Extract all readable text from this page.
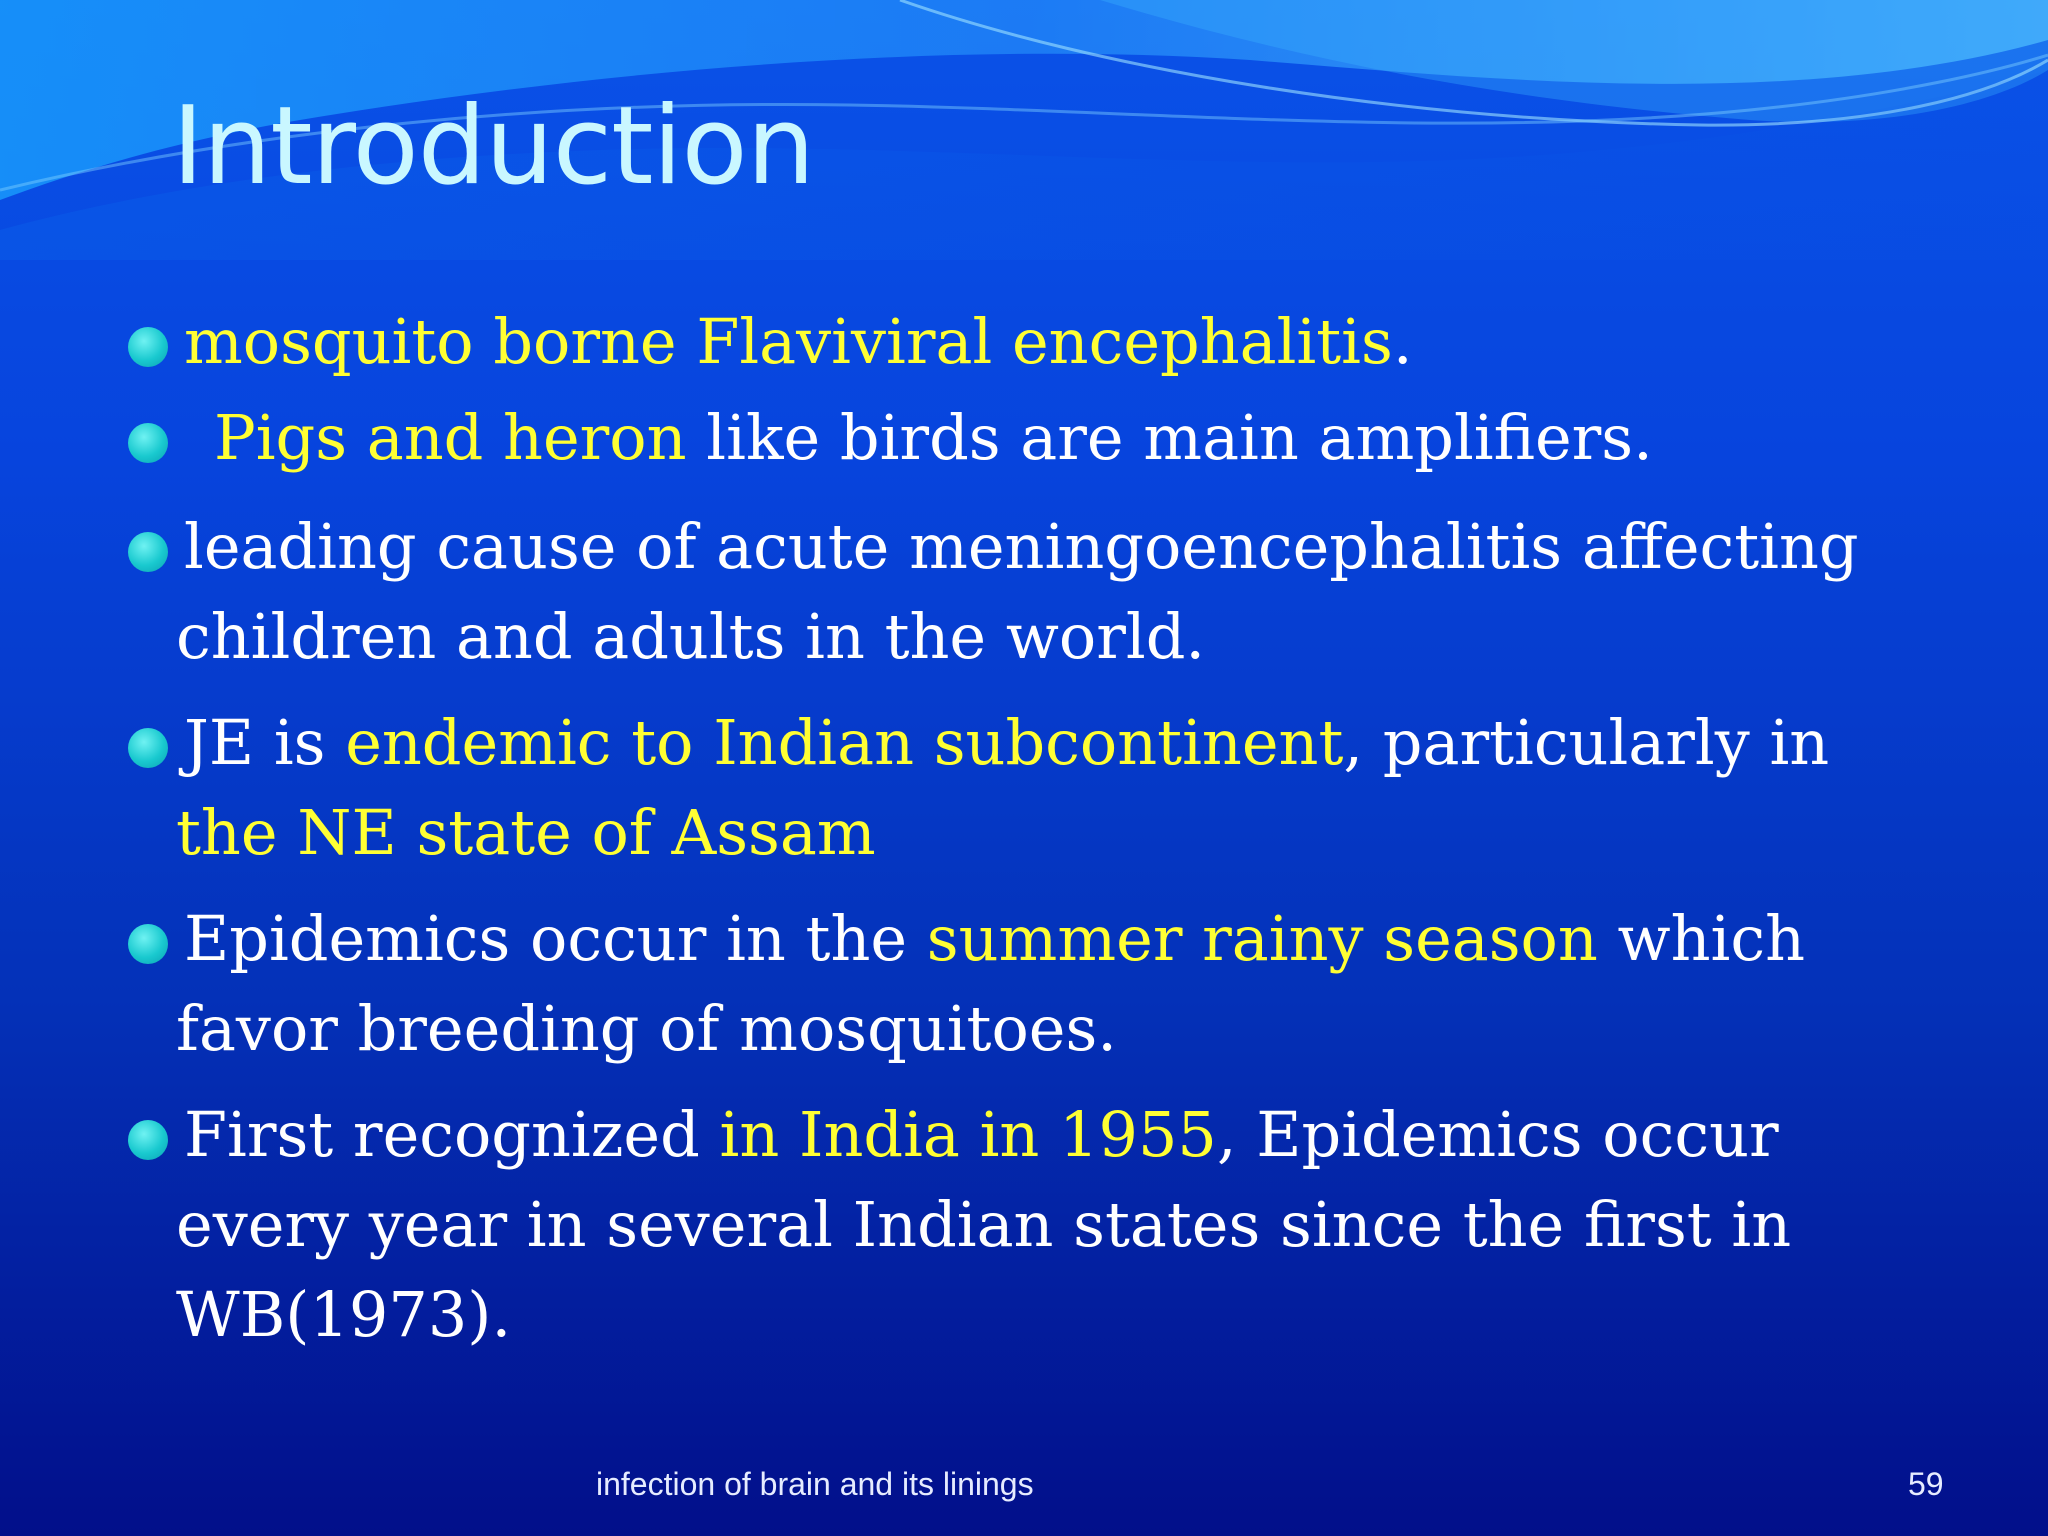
Introduction
mosquito borne Flaviviral encephalitis.
Pigs and heron like birds are main amplifiers.
leading cause of acute meningoencephalitis affecting
children and adults in the world.
JE is endemic to Indian subcontinent, particularly in
the NE state of Assam
Epidemics occur in the summer rainy season which
favor breeding of mosquitoes.
First recognized in India in 1955, Epidemics occur
every year in several Indian states since the first in
WB(1973).
infection of brain and its linings	59
